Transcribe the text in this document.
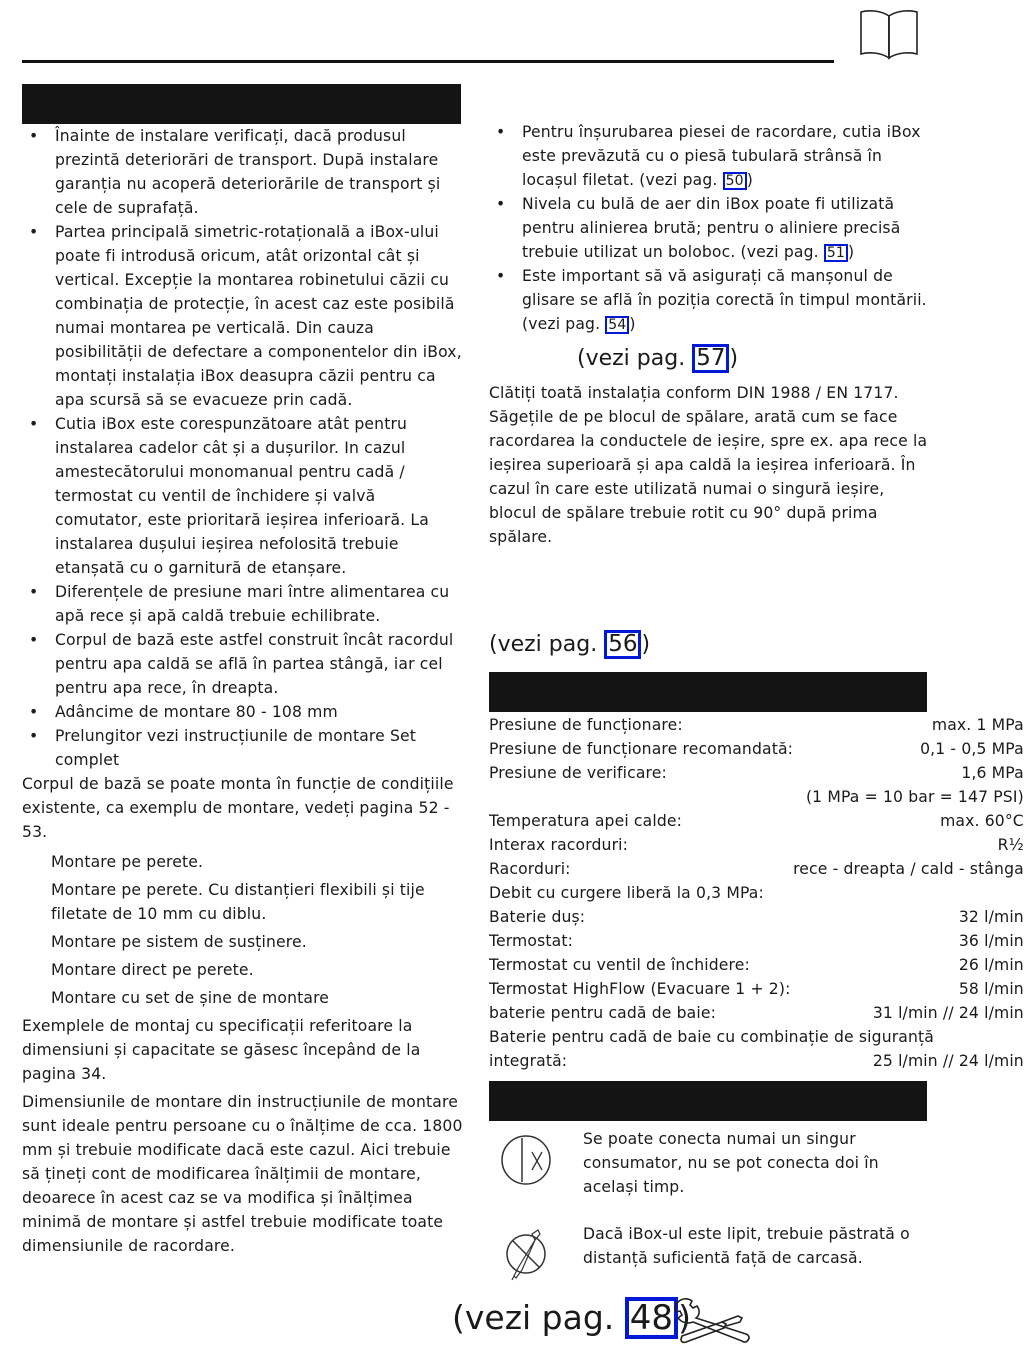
• Înainte de instalare verificați, dacă produsul prezintă deteriorări de transport. După instalare garanția nu acoperă deteriorările de transport și cele de suprafață.
• Partea principală simetric-rotațională a iBox-ului poate fi introdusă oricum, atât orizontal cât și vertical. Excepție la montarea robinetului căzii cu combinația de protecție, în acest caz este posibilă numai montarea pe verticală. Din cauza posibilității de defectare a componentelor din iBox, montați instalația iBox deasupra căzii pentru ca apa scursă să se evacueze prin cadă.
• Cutia iBox este corespunzătoare atât pentru instalarea cadelor cât și a dușurilor. In cazul amestecătorului monomanual pentru cadă / termostat cu ventil de închidere și valvă comutator, este prioritară ieșirea inferioară. La instalarea dușului ieșirea nefolosită trebuie etanșată cu o garnitură de etanșare.
• Diferențele de presiune mari între alimentarea cu apă rece și apă caldă trebuie echilibrate.
• Corpul de bază este astfel construit încât racordul pentru apa caldă se află în partea stângă, iar cel pentru apa rece, în dreapta.
• Adâncime de montare 80 - 108 mm
• Prelungitor vezi instrucțiunile de montare Set complet

Corpul de bază se poate monta în funcție de condițiile existente, ca exemplu de montare, vedeți pagina 52 - 53.

Montare pe perete.

Montare pe perete. Cu distanțieri flexibili și tije filetate de 10 mm cu diblu.

Montare pe sistem de susținere.

Montare direct pe perete.

Montare cu set de șine de montare

Exemplele de montaj cu specificații referitoare la dimensiuni și capacitate se găsesc începând de la pagina 34.

Dimensiunile de montare din instrucțiunile de montare sunt ideale pentru persoane cu o înălțime de cca. 1800 mm și trebuie modificate dacă este cazul. Aici trebuie să țineți cont de modificarea înălțimii de montare, deoarece în acest caz se va modifica și înălțimea minimă de montare și astfel trebuie modificate toate dimensiunile de racordare.

• Pentru înșurubarea piesei de racordare, cutia iBox este prevăzută cu o piesă tubulară strânsă în locașul filetat. (vezi pag. 50 )
• Nivela cu bulă de aer din iBox poate fi utilizată pentru alinierea brută; pentru o aliniere precisă trebuie utilizat un boloboc. (vezi pag. 51 )
• Este important să vă asigurați că manșonul de glisare se află în poziția corectă în timpul montării. (vezi pag. 54 )
(vezi pag. 57 )

Clătiți toată instalația conform DIN 1988 / EN 1717. Săgețile de pe blocul de spălare, arată cum se face racordarea la conductele de ieșire, spre ex. apa rece la ieșirea superioară și apa caldă la ieșirea inferioară. În cazul în care este utilizată numai o singură ieșire, blocul de spălare trebuie rotit cu 90° după prima spălare.

(vezi pag. 56 )
Presiune de funcționare:	max. 1 MPa
Presiune de funcționare recomandată:	0,1 - 0,5 MPa
Presiune de verificare:	1,6 MPa
	(1 MPa = 10 bar = 147 PSI)
Temperatura apei calde:	max. 60°C
Interax racorduri:	R½
Racorduri:	rece - dreapta / cald - stânga
Debit cu curgere liberă la 0,3 MPa:	
Baterie duș:	32 l/min
Termostat:	36 l/min
Termostat cu ventil de închidere:	26 l/min
Termostat HighFlow (Evacuare 1 + 2):	58 l/min
baterie pentru cadă de baie:	31 l/min // 24 l/min
Baterie pentru cadă de baie cu combinație de siguranță	
integrată:	25 l/min // 24 l/min

Se poate conecta numai un singur consumator, nu se pot conecta doi în același timp.

Dacă iBox-ul este lipit, trebuie păstrată o distanță suficientă față de carcasă.

(vezi pag. 48 )
